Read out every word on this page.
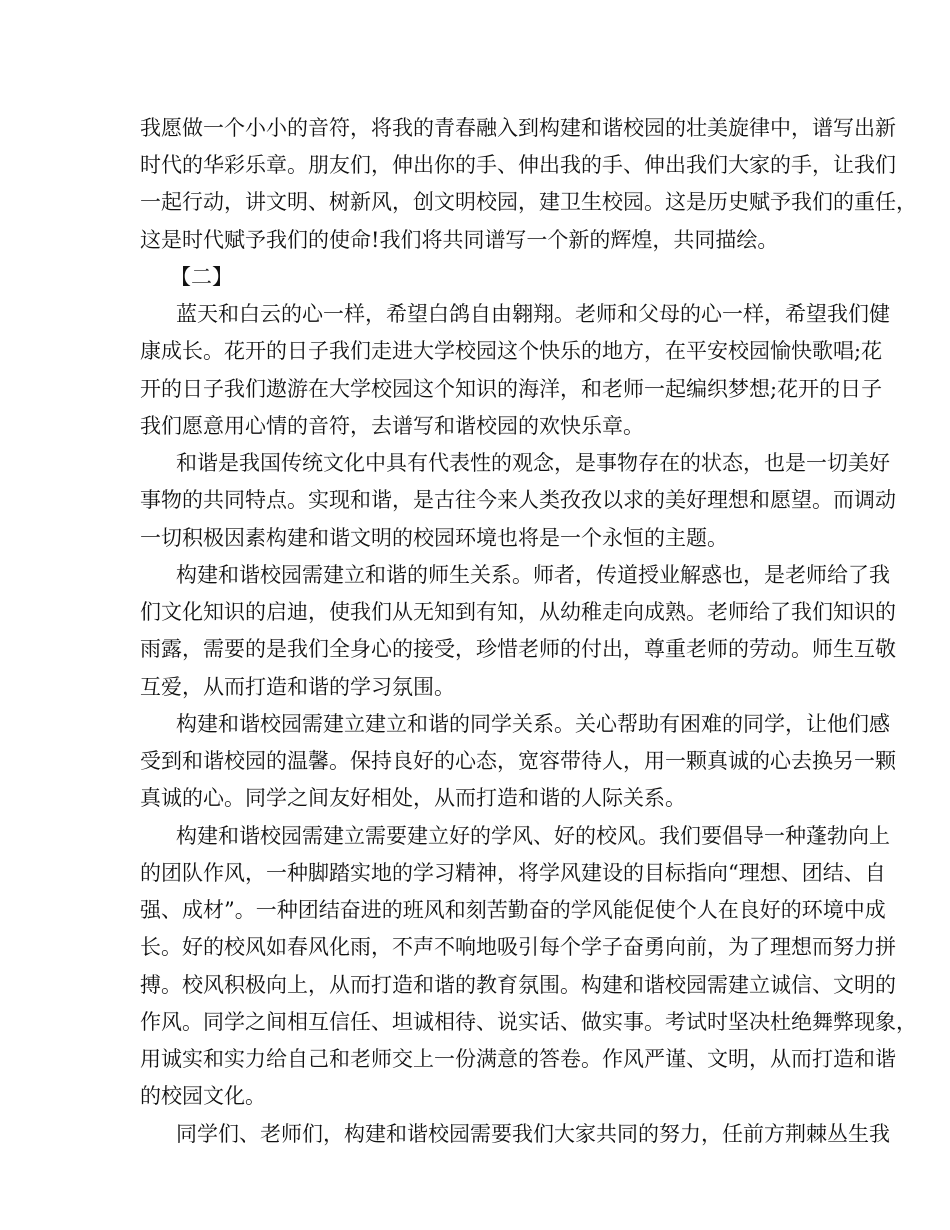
我愿做一个小小的音符，将我的青春融入到构建和谐校园的壮美旋律中，谱写出新
时代的华彩乐章。朋友们，伸出你的手、伸出我的手、伸出我们大家的手，让我们
一起行动，讲文明、树新风，创文明校园，建卫生校园。这是历史赋予我们的重任，
这是时代赋予我们的使命!我们将共同谱写一个新的辉煌，共同描绘。
【二】
蓝天和白云的心一样，希望白鸽自由翱翔。老师和父母的心一样，希望我们健
康成长。花开的日子我们走进大学校园这个快乐的地方，在平安校园愉快歌唱;花
开的日子我们遨游在大学校园这个知识的海洋，和老师一起编织梦想;花开的日子
我们愿意用心情的音符，去谱写和谐校园的欢快乐章。
和谐是我国传统文化中具有代表性的观念，是事物存在的状态，也是一切美好
事物的共同特点。实现和谐，是古往今来人类孜孜以求的美好理想和愿望。而调动
一切积极因素构建和谐文明的校园环境也将是一个永恒的主题。
构建和谐校园需建立和谐的师生关系。师者，传道授业解惑也，是老师给了我
们文化知识的启迪，使我们从无知到有知，从幼稚走向成熟。老师给了我们知识的
雨露，需要的是我们全身心的接受，珍惜老师的付出，尊重老师的劳动。师生互敬
互爱，从而打造和谐的学习氛围。
构建和谐校园需建立建立和谐的同学关系。关心帮助有困难的同学，让他们感
受到和谐校园的温馨。保持良好的心态，宽容带待人，用一颗真诚的心去换另一颗
真诚的心。同学之间友好相处，从而打造和谐的人际关系。
构建和谐校园需建立需要建立好的学风、好的校风。我们要倡导一种蓬勃向上
的团队作风，一种脚踏实地的学习精神，将学风建设的目标指向“理想、团结、自
强、成材”。一种团结奋进的班风和刻苦勤奋的学风能促使个人在良好的环境中成
长。好的校风如春风化雨，不声不响地吸引每个学子奋勇向前，为了理想而努力拼
搏。校风积极向上，从而打造和谐的教育氛围。构建和谐校园需建立诚信、文明的
作风。同学之间相互信任、坦诚相待、说实话、做实事。考试时坚决杜绝舞弊现象，
用诚实和实力给自己和老师交上一份满意的答卷。作风严谨、文明，从而打造和谐
的校园文化。
同学们、老师们，构建和谐校园需要我们大家共同的努力，任前方荆棘丛生我
